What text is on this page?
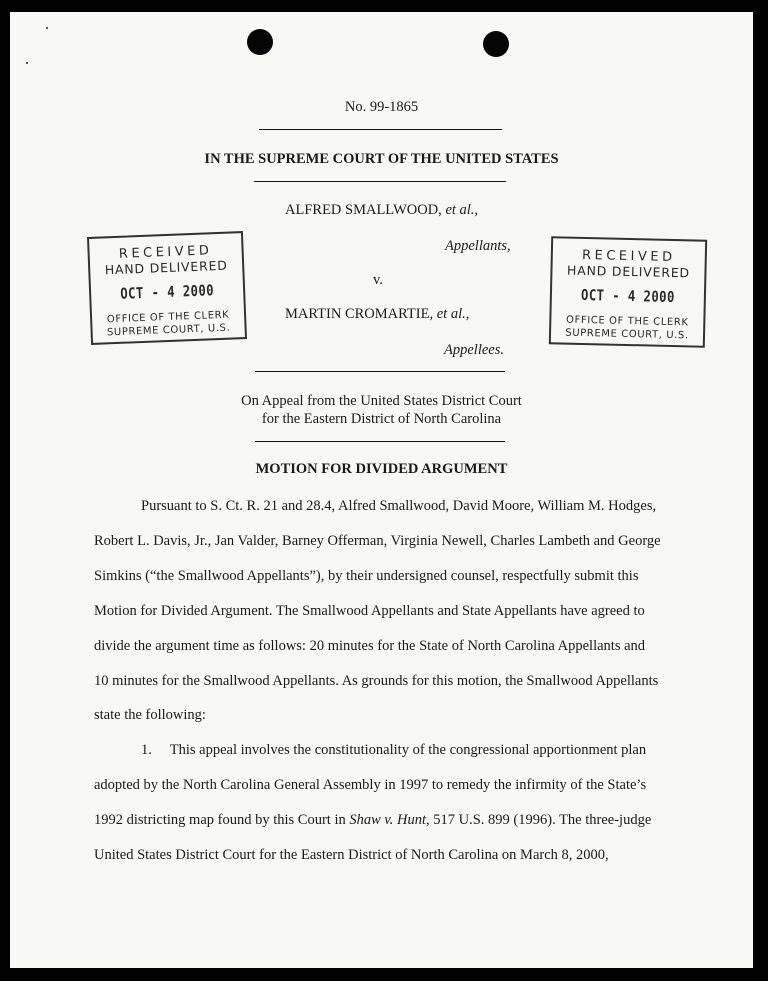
No. 99-1865
IN THE SUPREME COURT OF THE UNITED STATES
ALFRED SMALLWOOD, et al.,
Appellants,
v.
MARTIN CROMARTIE, et al.,
Appellees.
On Appeal from the United States District Court
for the Eastern District of North Carolina
MOTION FOR DIVIDED ARGUMENT
RECEIVED
HAND DELIVERED
OCT - 4 2000
OFFICE OF THE CLERK
SUPREME COURT, U.S.
RECEIVED
HAND DELIVERED
OCT - 4 2000
OFFICE OF THE CLERK
SUPREME COURT, U.S.
Pursuant to S. Ct. R. 21 and 28.4, Alfred Smallwood, David Moore, William M. Hodges,
Robert L. Davis, Jr., Jan Valder, Barney Offerman, Virginia Newell, Charles Lambeth and George
Simkins (“the Smallwood Appellants”), by their undersigned counsel, respectfully submit this
Motion for Divided Argument. The Smallwood Appellants and State Appellants have agreed to
divide the argument time as follows: 20 minutes for the State of North Carolina Appellants and
10 minutes for the Smallwood Appellants. As grounds for this motion, the Smallwood Appellants
state the following:
1.     This appeal involves the constitutionality of the congressional apportionment plan
adopted by the North Carolina General Assembly in 1997 to remedy the infirmity of the State’s
1992 districting map found by this Court in Shaw v. Hunt, 517 U.S. 899 (1996). The three-judge
United States District Court for the Eastern District of North Carolina on March 8, 2000,
